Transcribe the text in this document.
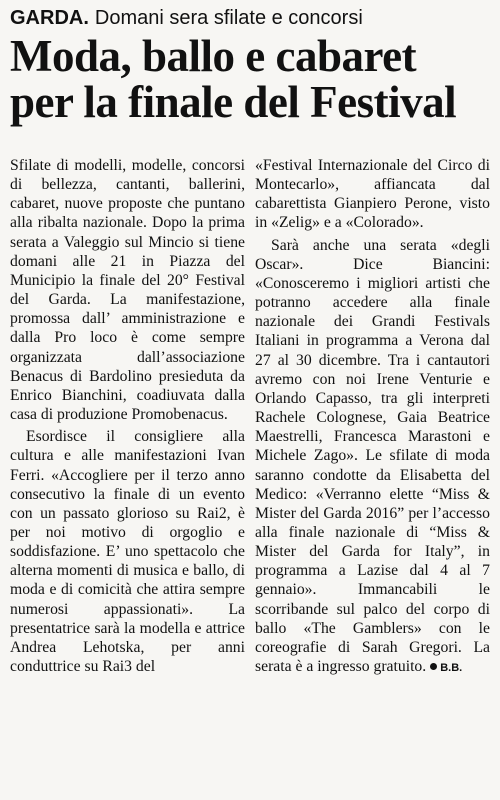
GARDA. Domani sera sfilate e concorsi
Moda, ballo e cabaret
per la finale del Festival

Sfilate di modelli, modelle, concorsi di bellezza, cantanti, ballerini, cabaret, nuove proposte che puntano alla ribalta nazionale. Dopo la prima serata a Valeggio sul Mincio si tiene domani alle 21 in Piazza del Municipio la finale del 20° Festival del Garda. La manifestazione, promossa dall’ amministrazione e dalla Pro loco è come sempre organizzata dall’associazione Benacus di Bardolino presieduta da Enrico Bianchini, coadiuvata dalla casa di produzione Promobenacus.

Esordisce il consigliere alla cultura e alle manifestazioni Ivan Ferri. «Accogliere per il terzo anno consecutivo la finale di un evento con un passato glorioso su Rai2, è per noi motivo di orgoglio e soddisfazione. E’ uno spettacolo che alterna momenti di musica e ballo, di moda e di comicità che attira sempre numerosi appassionati». La presentatrice sarà la modella e attrice Andrea Lehotska, per anni conduttrice su Rai3 del

«Festival Internazionale del Circo di Montecarlo», affiancata dal cabarettista Gianpiero Perone, visto in «Zelig» e a «Colorado».

Sarà anche una serata «degli Oscar». Dice Biancini: «Conosceremo i migliori artisti che potranno accedere alla finale nazionale dei Grandi Festivals Italiani in programma a Verona dal 27 al 30 dicembre. Tra i cantautori avremo con noi Irene Venturie e Orlando Capasso, tra gli interpreti Rachele Colognese, Gaia Beatrice Maestrelli, Francesca Marastoni e Michele Zago». Le sfilate di moda saranno condotte da Elisabetta del Medico: «Verranno elette “Miss & Mister del Garda 2016” per l’accesso alla finale nazionale di “Miss & Mister del Garda for Italy”, in programma a Lazise dal 4 al 7 gennaio». Immancabili le scorribande sul palco del corpo di ballo «The Gamblers» con le coreografie di Sarah Gregori. La serata è a ingresso gratuito. B.B.
